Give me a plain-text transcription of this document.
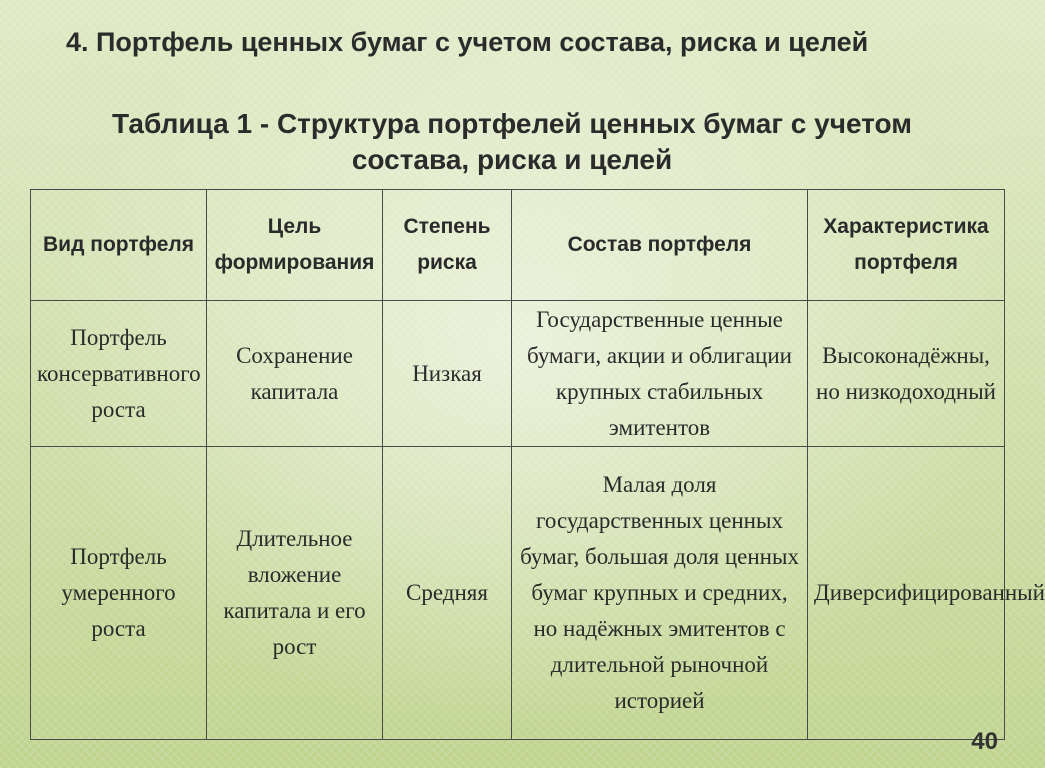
4. Портфель ценных бумаг с учетом состава, риска и целей
Таблица 1 - Структура портфелей ценных бумаг с учетом
состава, риска и целей
Вид портфеля	Цель формирования	Степень риска	Состав портфеля	Характеристика портфеля
Портфель консервативного роста	Сохранение капитала	Низкая	Государственные ценные бумаги, акции и облигации крупных стабильных эмитентов	Высоконадёжны, но низкодоходный
Портфель умеренного роста	Длительное вложение капитала и его рост	Средняя	Малая доля государственных ценных бумаг, большая доля ценных бумаг крупных и средних, но надёжных эмитентов с длительной рыночной историей	Диверсифицированный
40
